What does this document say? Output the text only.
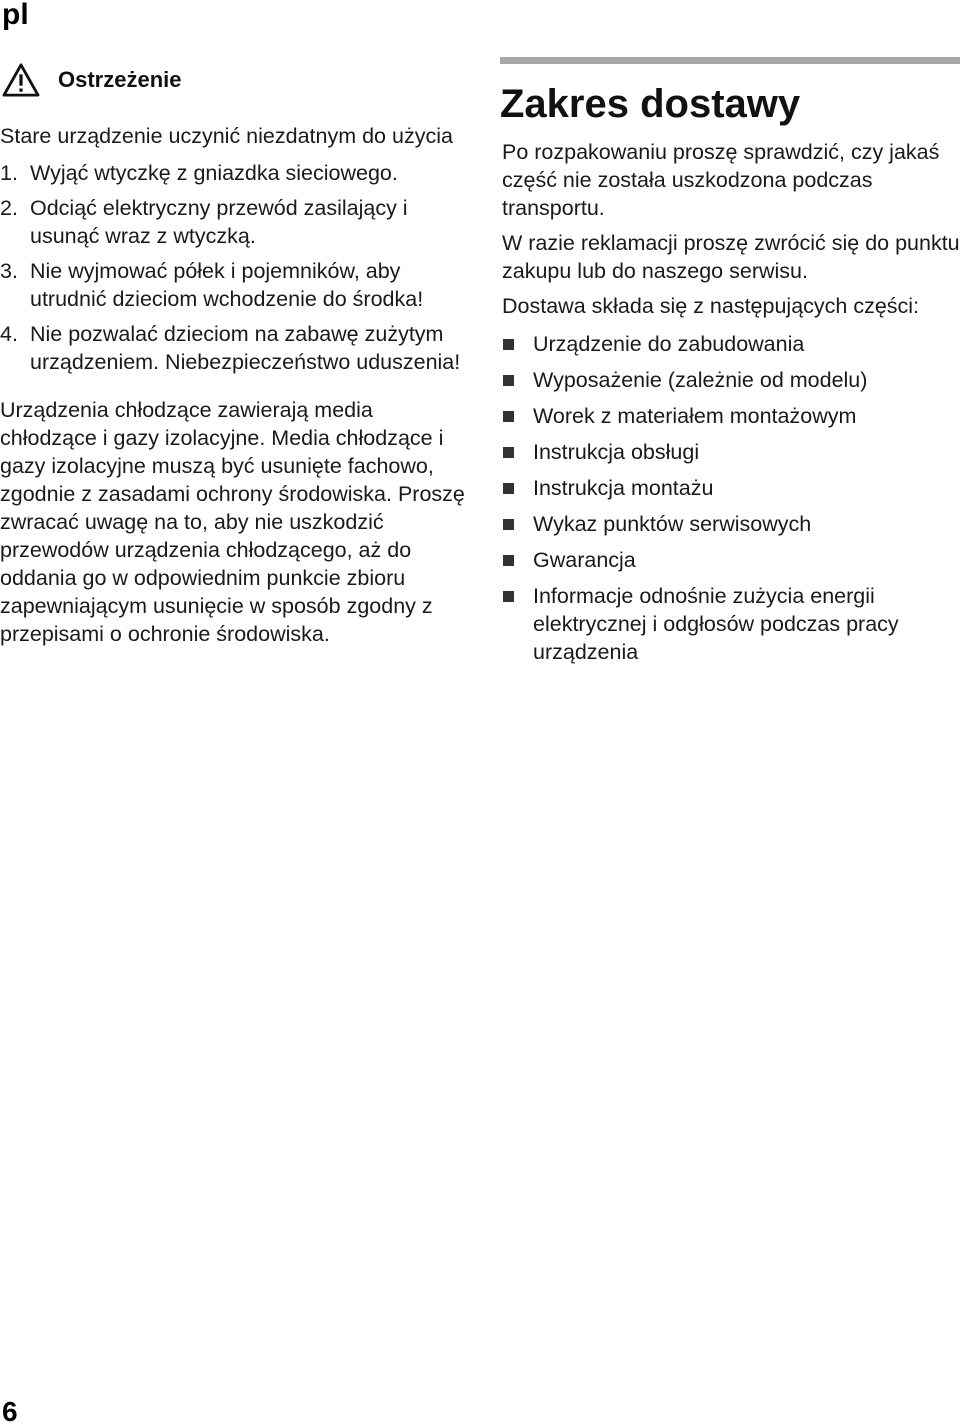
pl
Ostrzeżenie

Stare urządzenie uczynić niezdatnym do użycia

1. Wyjąć wtyczkę z gniazdka sieciowego.
2. Odciąć elektryczny przewód zasilający i usunąć wraz z wtyczką.
3. Nie wyjmować półek i pojemników, aby utrudnić dzieciom wchodzenie do środka!
4. Nie pozwalać dzieciom na zabawę zużytym urządzeniem. Niebezpieczeństwo uduszenia!

Urządzenia chłodzące zawierają media chłodzące i gazy izolacyjne. Media chłodzące i gazy izolacyjne muszą być usunięte fachowo, zgodnie z zasadami ochrony środowiska. Proszę zwracać uwagę na to, aby nie uszkodzić przewodów urządzenia chłodzącego, aż do oddania go w odpowiednim punkcie zbioru zapewniającym usunięcie w sposób zgodny z przepisami o ochronie środowiska.

Zakres dostawy

Po rozpakowaniu proszę sprawdzić, czy jakaś część nie została uszkodzona podczas transportu.

W razie reklamacji proszę zwrócić się do punktu zakupu lub do naszego serwisu.

Dostawa składa się z następujących części:

Urządzenie do zabudowania
Wyposażenie (zależnie od modelu)
Worek z materiałem montażowym
Instrukcja obsługi
Instrukcja montażu
Wykaz punktów serwisowych
Gwarancja
Informacje odnośnie zużycia energii elektrycznej i odgłosów podczas pracy urządzenia
6
